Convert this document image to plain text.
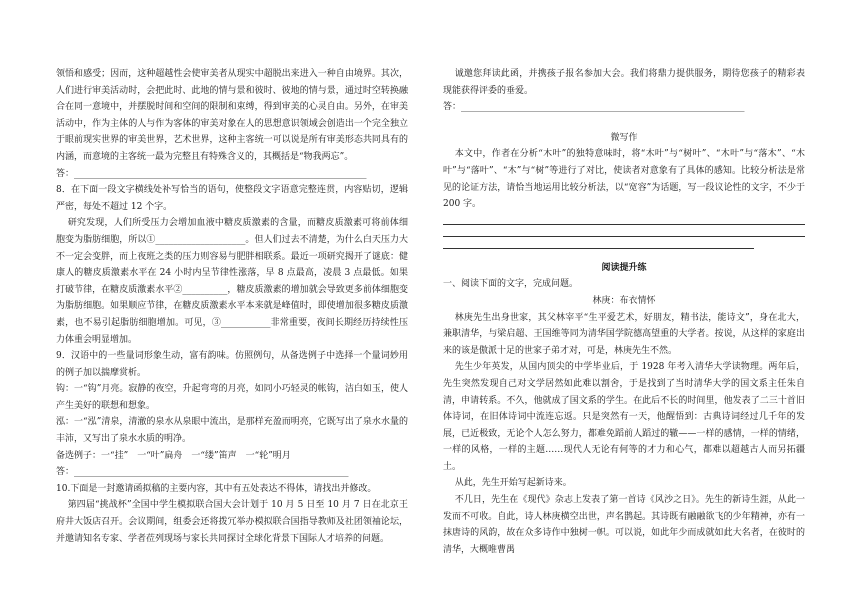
领悟和感受；因而，这种超越性会使审美者从现实中超脱出来进入一种自由境界。其次，人们进行审美活动时，会把此时、此地的情与景和彼时、彼地的情与景，通过时空转换融合在同一意境中，并摆脱时间和空间的限制和束缚，得到审美的心灵自由。另外，在审美活动中，作为主体的人与作为客体的审美对象在人的思想意识领域会创造出一个完全独立于眼前现实世界的审美世界，艺术世界，这种主客统一可以说是所有审美形态共同具有的内涵，而意境的主客统一最为完整且有特殊含义的，其概括是“物我两忘”。

答：_________________________________________________________________

8．在下面一段文字横线处补写恰当的语句，使整段文字语意完整连贯，内容贴切，逻辑严密，每处不超过 12 个字。

研究发现，人们所受压力会增加血液中糖皮质激素的含量，而糖皮质激素可将前体细胞变为脂肪细胞，所以①____________________。但人们过去不清楚，为什么白天压力大不一定会变胖，而上夜班之类的压力则容易与肥胖相联系。最近一项研究揭开了谜底：健康人的糖皮质激素水平在 24 小时内呈节律性涨落，早 8 点最高，凌晨 3 点最低。如果打破节律，在糖皮质激素水平②__________，糖皮质激素的增加就会导致更多前体细胞变为脂肪细胞。如果顺应节律，在糖皮质激素水平本来就是峰值时，即使增加很多糖皮质激素，也不易引起脂肪细胞增加。可见，③___________非常重要，夜间长期经历持续性压力体重会明显增加。

9．汉语中的一些量词形象生动，富有韵味。仿照例句，从备选例子中选择一个量词妙用的例子加以揣摩赏析。

钩：一“钩”月亮。寂静的夜空，升起弯弯的月亮，如同小巧轻灵的帐钩，洁白如玉，使人产生美好的联想和想象。

泓：一“泓”清泉，清澈的泉水从泉眼中流出，是那样充盈而明亮，它既写出了泉水水量的丰沛，又写出了泉水水质的明净。

备选例子：一“挂”　一“叶”扁舟　一“缕”笛声　一“轮”明月

答：_____________________________________________________________

10.下面是一封邀请函拟稿的主要内容，其中有五处表达不得体，请找出并修改。

第四届“挑战杯”全国中学生模拟联合国大会计划于 10 月 5 日至 10 月 7 日在北京王府井大饭店召开。会议期间，组委会还将拨冗举办模拟联合国指导教师及社团领袖论坛，并邀请知名专家、学者莅列现场与家长共同探讨全球化背景下国际人才培养的问题。

诚邀您拜读此函，并携孩子报名参加大会。我们将鼎力提供服务，期待您孩子的精彩表现能获得评委的垂爱。

答：_______________________________________________________________

微写作

本文中，作者在分析“木叶”的独特意味时，将“木叶”与“树叶”、“木叶”与“落木”、“木叶”与“落叶”、“木”与“树”等进行了对比，使读者对意象有了具体的感知。比较分析法是常见的论证方法，请恰当地运用比较分析法，以“宽容”为话题，写一段议论性的文字，不少于 200 字。

阅读提升练

一、阅读下面的文字，完成问题。

林庚：布衣情怀

林庚先生出身世家，其父林宰平“生平爱艺术，好朋友，精书法，能诗文”，身在北大，兼职清华，与梁启超、王国维等同为清华国学院德高望重的大学者。按说，从这样的家庭出来的该是傲派十足的世家子弟才对，可是，林庚先生不然。

先生少年英发，从国内顶尖的中学毕业后，于 1928 年考入清华大学读物理。两年后，先生突然发现自己对文学居然如此难以割舍，于是找到了当时清华大学的国文系主任朱自清，申请转系。不久，他就成了国文系的学生。在此后不长的时间里，他发表了二三十首旧体诗词，在旧体诗词中流连忘返。只是突然有一天，他醒悟到：古典诗词经过几千年的发展，已近极致，无论个人怎么努力，都难免蹈前人蹈过的辙——一样的感情，一样的情绪，一样的风格，一样的主题……现代人无论有何等的才力和心气，都难以超越古人而另拓疆土。

从此，先生开始写起新诗来。

不几日，先生在《现代》杂志上发表了第一首诗《风沙之日》。先生的新诗生涯，从此一发而不可收。自此，诗人林庚横空出世，声名鹊起。其诗既有融融欲飞的少年精神，亦有一抹唐诗的风韵，故在众多诗作中独树一帜。可以说，如此年少而成就如此大名者，在彼时的清华，大概唯曹禺
